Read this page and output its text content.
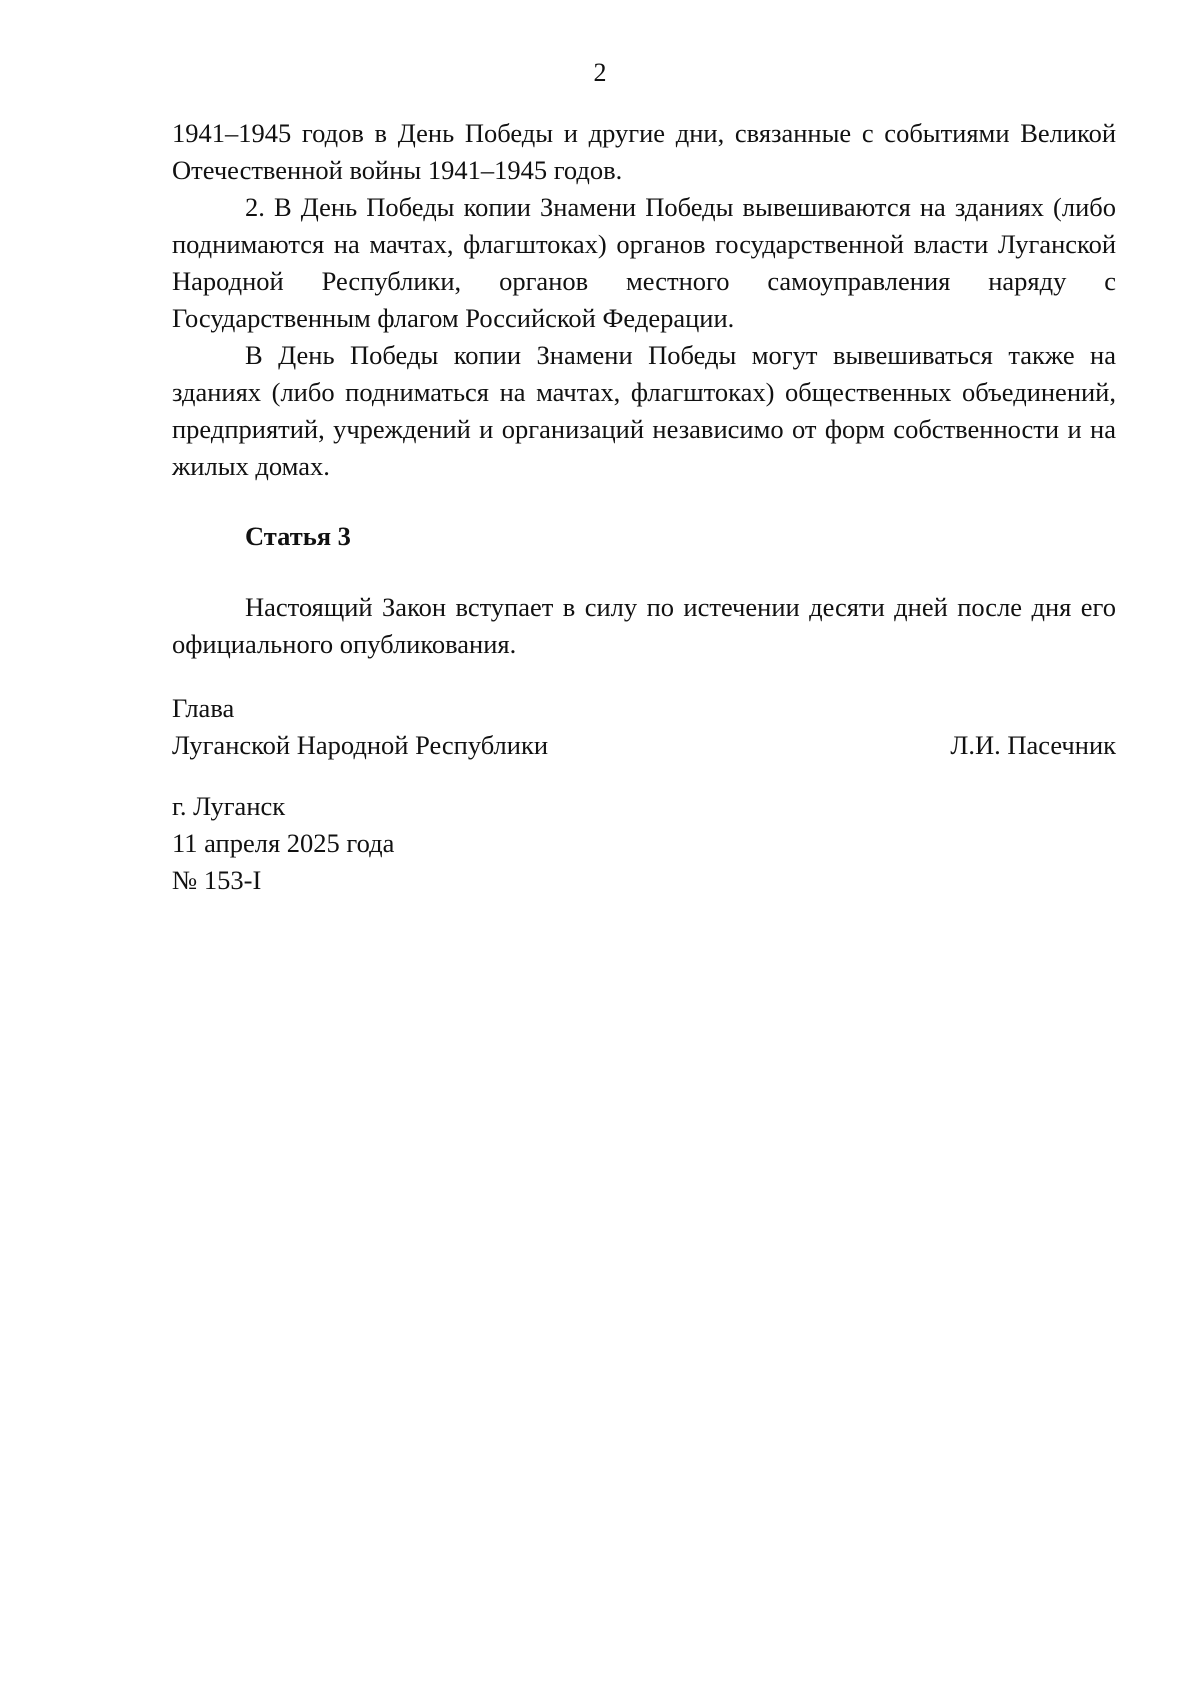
2

1941–1945 годов в День Победы и другие дни, связанные с событиями Великой Отечественной войны 1941–1945 годов.

2. В День Победы копии Знамени Победы вывешиваются на зданиях (либо поднимаются на мачтах, флагштоках) органов государственной власти Луганской Народной Республики, органов местного самоуправления наряду с Государственным флагом Российской Федерации.

В День Победы копии Знамени Победы могут вывешиваться также на зданиях (либо подниматься на мачтах, флагштоках) общественных объединений, предприятий, учреждений и организаций независимо от форм собственности и на жилых домах.

Статья 3

Настоящий Закон вступает в силу по истечении десяти дней после дня его официального опубликования.

Глава
Луганской Народной Республики	Л.И. Пасечник
г. Луганск
11 апреля 2025 года
№ 153-I
